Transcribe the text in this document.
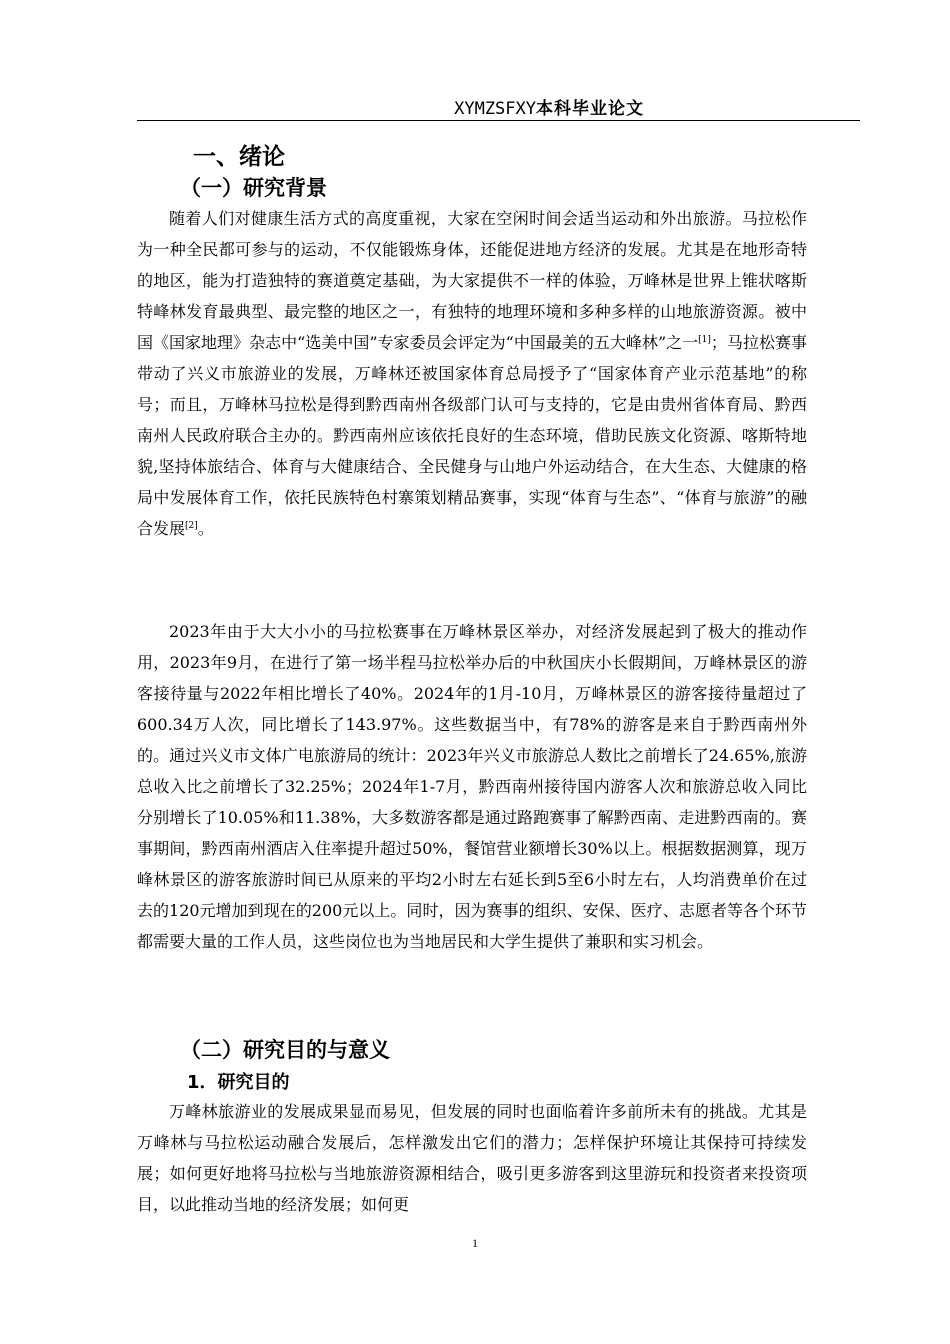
XYMZSFXY本科毕业论文
一、绪论
（一）研究背景
随着人们对健康生活方式的高度重视，大家在空闲时间会适当运动和外出旅游。马拉松作为一种全民都可参与的运动，不仅能锻炼身体，还能促进地方经济的发展。尤其是在地形奇特的地区，能为打造独特的赛道奠定基础，为大家提供不一样的体验，万峰林是世界上锥状喀斯特峰林发育最典型、最完整的地区之一，有独特的地理环境和多种多样的山地旅游资源。被中国《国家地理》杂志中“选美中国”专家委员会评定为“中国最美的五大峰林”之一[1]；马拉松赛事带动了兴义市旅游业的发展，万峰林还被国家体育总局授予了“国家体育产业示范基地”的称号；而且，万峰林马拉松是得到黔西南州各级部门认可与支持的，它是由贵州省体育局、黔西南州人民政府联合主办的。黔西南州应该依托良好的生态环境，借助民族文化资源、喀斯特地貌,坚持体旅结合、体育与大健康结合、全民健身与山地户外运动结合，在大生态、大健康的格局中发展体育工作，依托民族特色村寨策划精品赛事，实现“体育与生态”、“体育与旅游”的融合发展[2]。
2023年由于大大小小的马拉松赛事在万峰林景区举办，对经济发展起到了极大的推动作用，2023年9月，在进行了第一场半程马拉松举办后的中秋国庆小长假期间，万峰林景区的游客接待量与2022年相比增长了40%。2024年的1月-10月，万峰林景区的游客接待量超过了600.34万人次，同比增长了143.97%。这些数据当中，有78%的游客是来自于黔西南州外的。通过兴义市文体广电旅游局的统计：2023年兴义市旅游总人数比之前增长了24.65%,旅游总收入比之前增长了32.25%；2024年1-7月，黔西南州接待国内游客人次和旅游总收入同比分别增长了10.05%和11.38%，大多数游客都是通过路跑赛事了解黔西南、走进黔西南的。赛事期间，黔西南州酒店入住率提升超过50%，餐馆营业额增长30%以上。根据数据测算，现万峰林景区的游客旅游时间已从原来的平均2小时左右延长到5至6小时左右，人均消费单价在过去的120元增加到现在的200元以上。同时，因为赛事的组织、安保、医疗、志愿者等各个环节都需要大量的工作人员，这些岗位也为当地居民和大学生提供了兼职和实习机会。
（二）研究目的与意义
1．研究目的
万峰林旅游业的发展成果显而易见，但发展的同时也面临着许多前所未有的挑战。尤其是万峰林与马拉松运动融合发展后，怎样激发出它们的潜力；怎样保护环境让其保持可持续发展；如何更好地将马拉松与当地旅游资源相结合，吸引更多游客到这里游玩和投资者来投资项目，以此推动当地的经济发展；如何更
1
